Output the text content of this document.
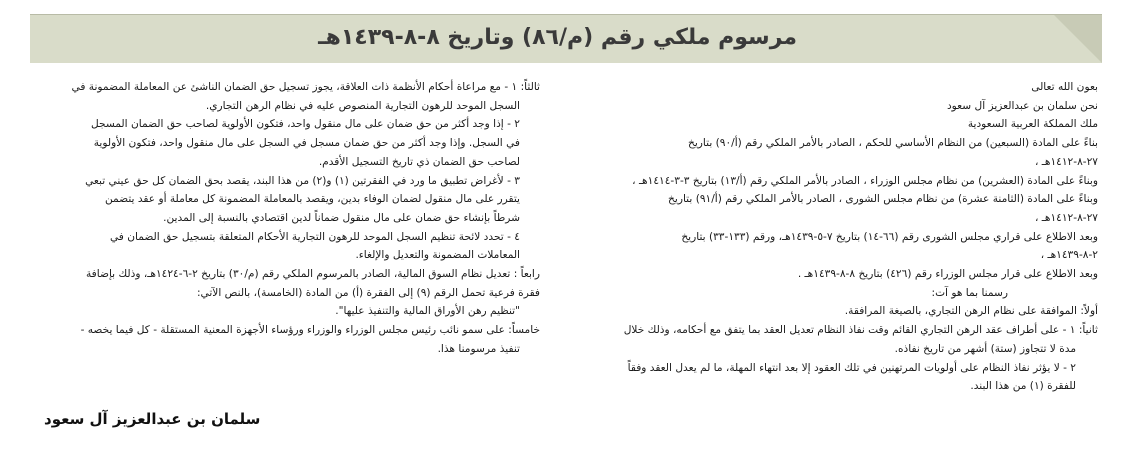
مرسوم ملكي رقم (م/٨٦) وتاريخ ٨-٨-١٤٣٩هـ
بعون الله تعالى
نحن سلمان بن عبدالعزيز آل سعود
ملك المملكة العربية السعودية
بناءً على المادة (السبعين) من النظام الأساسي للحكم ، الصادر بالأمر الملكي رقم (أ/٩٠) بتاريخ
٢٧-٨-١٤١٢هـ ،
وبناءً على المادة (العشرين) من نظام مجلس الوزراء ، الصادر بالأمر الملكي رقم (أ/١٣) بتاريخ ٣-٣-١٤١٤هـ ،
وبناءً على المادة (الثامنة عشرة) من نظام مجلس الشورى ، الصادر بالأمر الملكي رقم (أ/٩١) بتاريخ
٢٧-٨-١٤١٢هـ ،
وبعد الاطلاع على قراري مجلس الشورى رقم (٦٦-١٤) بتاريخ ٧-٥-١٤٣٩هـ، ورقم (١٣٣-٣٣) بتاريخ
٢-٨-١٤٣٩هـ ،
وبعد الاطلاع على قرار مجلس الوزراء رقم (٤٢٦) بتاريخ ٨-٨-١٤٣٩هـ .
رسمنا بما هو آت:
أولاً: الموافقة على نظام الرهن التجاري، بالصيغة المرافقة.
ثانياً: ١ - على أطراف عقد الرهن التجاري القائم وقت نفاذ النظام تعديل العقد بما يتفق مع أحكامه، وذلك خلال
مدة لا تتجاوز (ستة) أشهر من تاريخ نفاذه.
٢ - لا يؤثر نفاذ النظام على أولويات المرتهنين في تلك العقود إلا بعد انتهاء المهلة، ما لم يعدل العقد وفقاً
للفقرة (١) من هذا البند.
ثالثاً: ١ - مع مراعاة أحكام الأنظمة ذات العلاقة، يجوز تسجيل حق الضمان الناشئ عن المعاملة المضمونة في
السجل الموحد للرهون التجارية المنصوص عليه في نظام الرهن التجاري.
٢ - إذا وجد أكثر من حق ضمان على مال منقول واحد، فتكون الأولوية لصاحب حق الضمان المسجل
في السجل. وإذا وجد أكثر من حق ضمان مسجل في السجل على مال منقول واحد، فتكون الأولوية
لصاحب حق الضمان ذي تاريخ التسجيل الأقدم.
٣ - لأغراض تطبيق ما ورد في الفقرتين (١) و(٢) من هذا البند، يقصد بحق الضمان كل حق عيني تبعي
يتقرر على مال منقول لضمان الوفاء بدين، ويقصد بالمعاملة المضمونة كل معاملة أو عقد يتضمن
شرطاً بإنشاء حق ضمان على مال منقول ضماناً لدين اقتصادي بالنسبة إلى المدين.
٤ - تحدد لائحة تنظيم السجل الموحد للرهون التجارية الأحكام المتعلقة بتسجيل حق الضمان في
المعاملات المضمونة والتعديل والإلغاء.
رابعاً : تعديل نظام السوق المالية، الصادر بالمرسوم الملكي رقم (م/٣٠) بتاريخ ٢-٦-١٤٢٤هـ، وذلك بإضافة
فقرة فرعية تحمل الرقم (٩) إلى الفقرة (أ) من المادة (الخامسة)، بالنص الآتي:
"تنظيم رهن الأوراق المالية والتنفيذ عليها".
خامساً: على سمو نائب رئيس مجلس الوزراء والوزراء ورؤساء الأجهزة المعنية المستقلة - كل فيما يخصه -
تنفيذ مرسومنا هذا.
سلمان بن عبدالعزيز آل سعود
